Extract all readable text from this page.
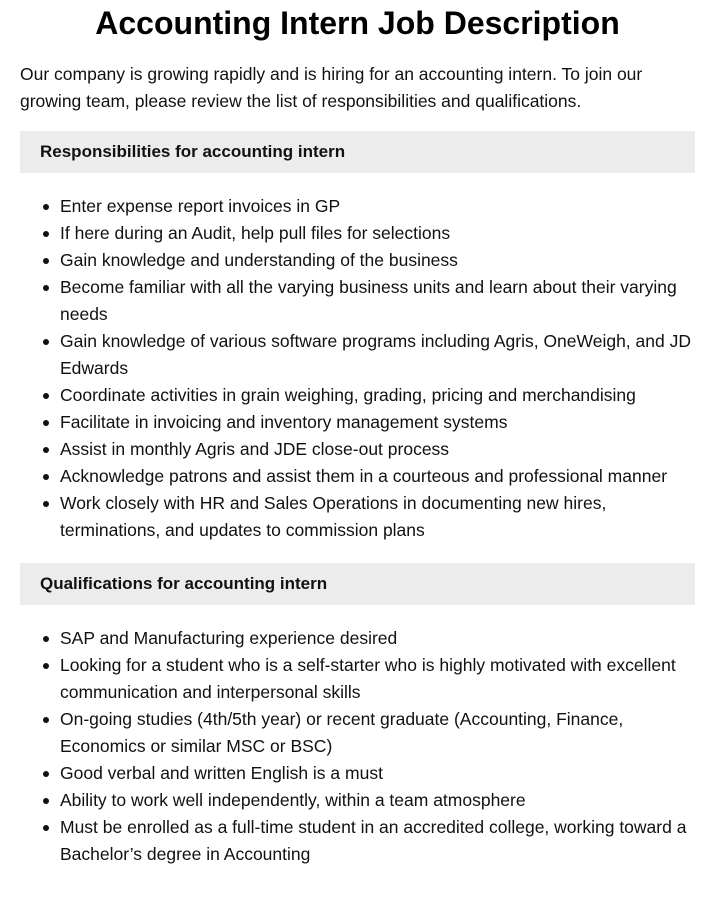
Accounting Intern Job Description

Our company is growing rapidly and is hiring for an accounting intern. To join our growing team, please review the list of responsibilities and qualifications.

Responsibilities for accounting intern
Enter expense report invoices in GP
If here during an Audit, help pull files for selections
Gain knowledge and understanding of the business
Become familiar with all the varying business units and learn about their varying needs
Gain knowledge of various software programs including Agris, OneWeigh, and JD Edwards
Coordinate activities in grain weighing, grading, pricing and merchandising
Facilitate in invoicing and inventory management systems
Assist in monthly Agris and JDE close-out process
Acknowledge patrons and assist them in a courteous and professional manner
Work closely with HR and Sales Operations in documenting new hires, terminations, and updates to commission plans
Qualifications for accounting intern
SAP and Manufacturing experience desired
Looking for a student who is a self-starter who is highly motivated with excellent communication and interpersonal skills
On-going studies (4th/5th year) or recent graduate (Accounting, Finance, Economics or similar MSC or BSC)
Good verbal and written English is a must
Ability to work well independently, within a team atmosphere
Must be enrolled as a full-time student in an accredited college, working toward a Bachelor’s degree in Accounting
